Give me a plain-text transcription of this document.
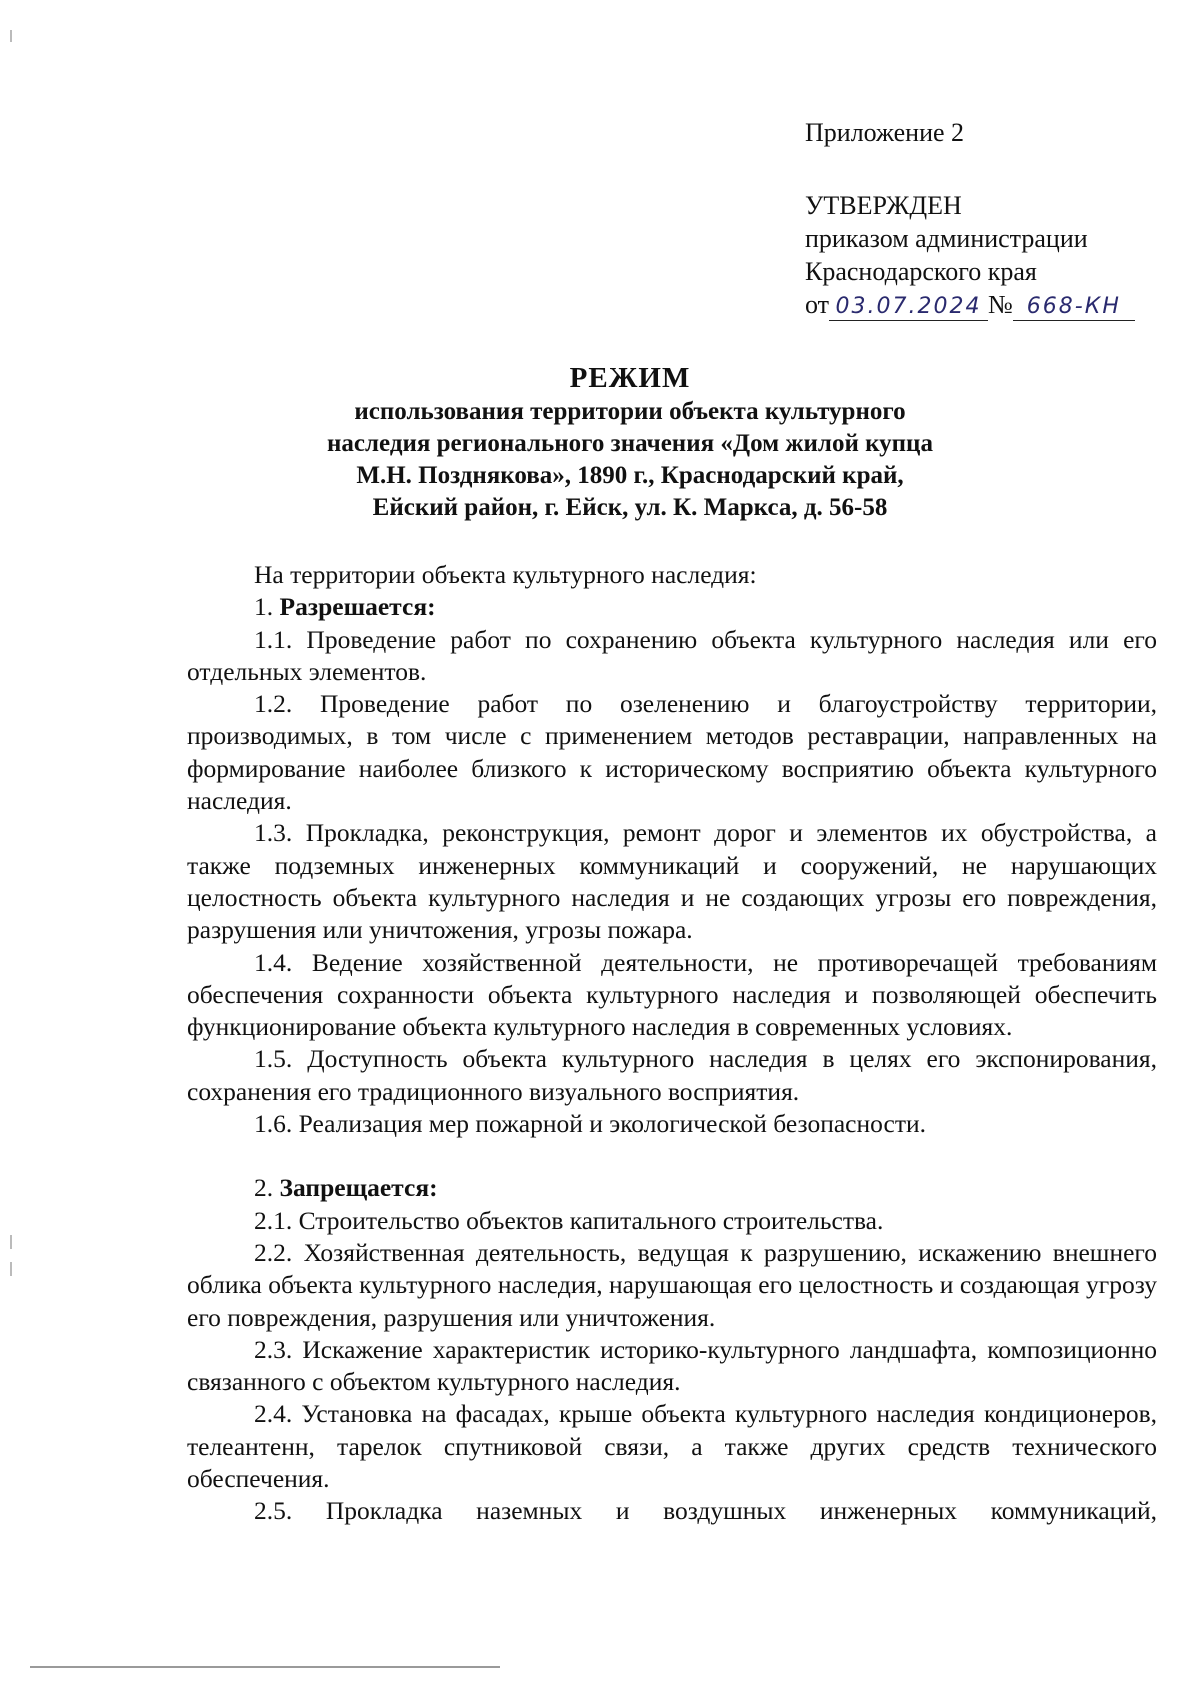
Приложение 2
УТВЕРЖДЕН
приказом администрации
Краснодарского края
от 03.07.2024 № 668-КН
РЕЖИМ
использования территории объекта культурного
наследия регионального значения «Дом жилой купца
М.Н. Позднякова», 1890 г., Краснодарский край,
Ейский район, г. Ейск, ул. К. Маркса, д. 56-58

На территории объекта культурного наследия:

1. Разрешается:

1.1. Проведение работ по сохранению объекта культурного наследия или его отдельных элементов.

1.2. Проведение работ по озеленению и благоустройству территории, производимых, в том числе с применением методов реставрации, направленных на формирование наиболее близкого к историческому восприятию объекта культурного наследия.

1.3. Прокладка, реконструкция, ремонт дорог и элементов их обустройства, а также подземных инженерных коммуникаций и сооружений, не нарушающих целостность объекта культурного наследия и не создающих угрозы его повреждения, разрушения или уничтожения, угрозы пожара.

1.4. Ведение хозяйственной деятельности, не противоречащей требованиям обеспечения сохранности объекта культурного наследия и позволяющей обеспечить функционирование объекта культурного наследия в современных условиях.

1.5. Доступность объекта культурного наследия в целях его экспонирования, сохранения его традиционного визуального восприятия.

1.6. Реализация мер пожарной и экологической безопасности.

2. Запрещается:

2.1. Строительство объектов капитального строительства.

2.2. Хозяйственная деятельность, ведущая к разрушению, искажению внешнего облика объекта культурного наследия, нарушающая его целостность и создающая угрозу его повреждения, разрушения или уничтожения.

2.3. Искажение характеристик историко-культурного ландшафта, композиционно связанного с объектом культурного наследия.

2.4. Установка на фасадах, крыше объекта культурного наследия кондиционеров, телеантенн, тарелок спутниковой связи, а также других средств технического обеспечения.

2.5. Прокладка наземных и воздушных инженерных коммуникаций,
